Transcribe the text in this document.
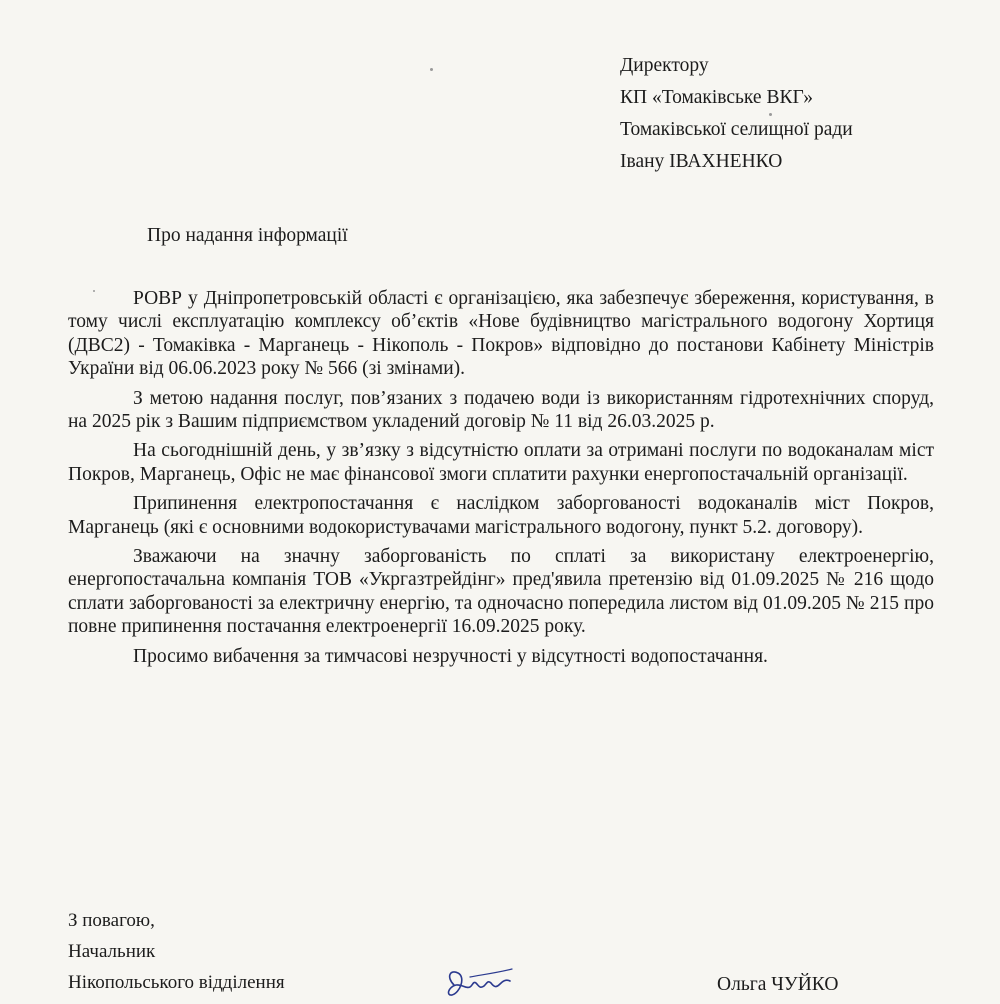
Директору
КП «Томаківське ВКГ»
Томаківської селищної ради
Івану ІВАХНЕНКО
Про надання інформації

РОВР у Дніпропетровській області є організацією, яка забезпечує збереження, користування, в тому числі експлуатацію комплексу об’єктів «Нове будівництво магістрального водогону Хортиця (ДВС2) - Томаківка - Марганець - Нікополь - Покров» відповідно до постанови Кабінету Міністрів України від 06.06.2023 року № 566 (зі змінами).

З метою надання послуг, пов’язаних з подачею води із використанням гідротехнічних споруд, на 2025 рік з Вашим підприємством укладений договір № 11 від 26.03.2025 р.

На сьогоднішній день, у зв’язку з відсутністю оплати за отримані послуги по водоканалам міст Покров, Марганець, Офіс не має фінансової змоги сплатити рахунки енергопостачальній організації.

Припинення електропостачання є наслідком заборгованості водоканалів міст Покров, Марганець (які є основними водокористувачами магістрального водогону, пункт 5.2. договору).

Зважаючи на значну заборгованість по сплаті за використану електроенергію, енергопостачальна компанія ТОВ «Укргазтрейдінг» пред'явила претензію від 01.09.2025 № 216 щодо сплати заборгованості за електричну енергію, та одночасно попередила листом від 01.09.205 № 215 про повне припинення постачання електроенергії 16.09.2025 року.

Просимо вибачення за тимчасові незручності у відсутності водопостачання.

З повагою,
Начальник
Нікопольського відділення	Ольга ЧУЙКО
